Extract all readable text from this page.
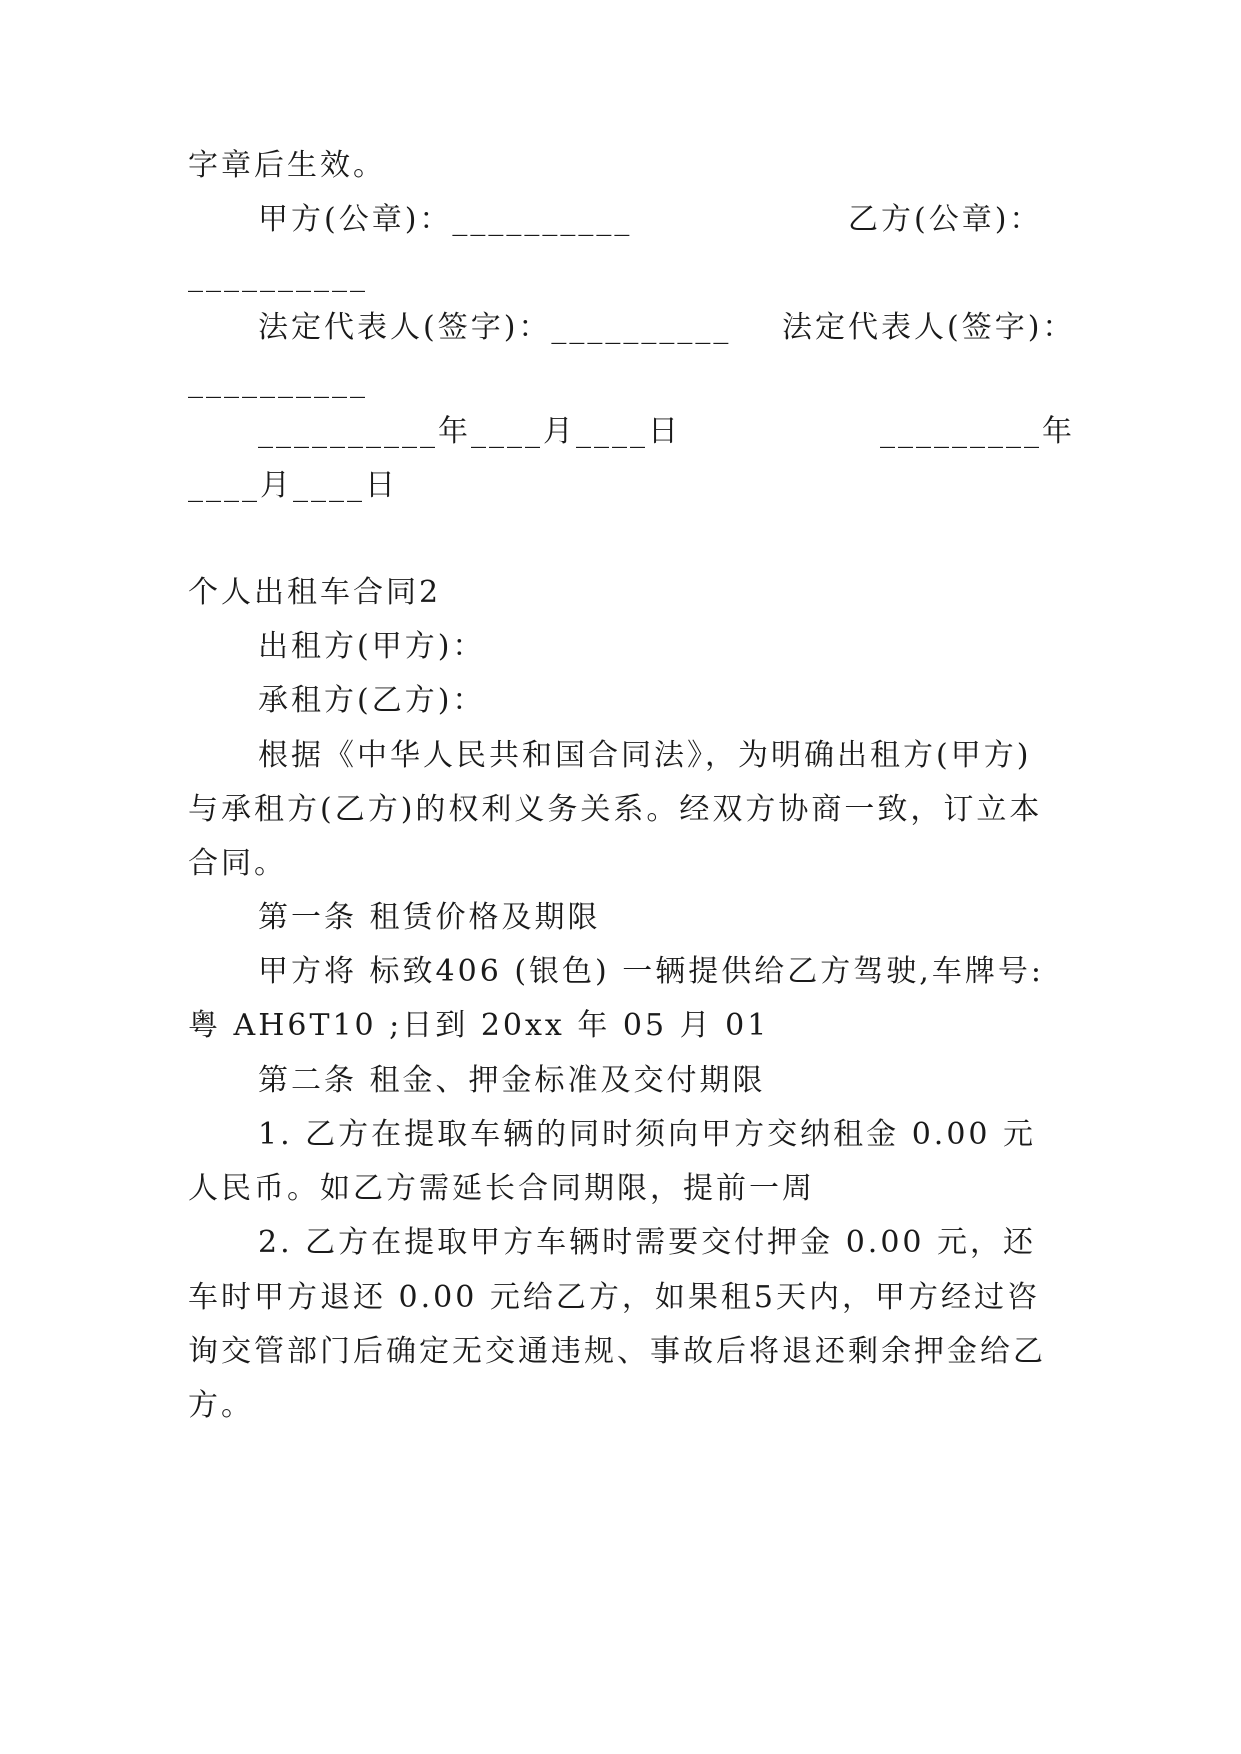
字章后生效。
甲方(公章)：__________	乙方(公章)：
__________
法定代表人(签字)：__________ 法定代表人(签字)：
__________
__________年____月____日	_________年
____月____日
个人出租车合同2
出租方(甲方)：
承租方(乙方)：
根据《中华人民共和国合同法》，为明确出租方(甲方)
与承租方(乙方)的权利义务关系。经双方协商一致，订立本
合同。
第一条 租赁价格及期限
甲方将 标致406 (银色) 一辆提供给乙方驾驶,车牌号:
粤 AH6T10 ;日到 20xx 年 05 月 01
第二条 租金、押金标准及交付期限
1. 乙方在提取车辆的同时须向甲方交纳租金 0.00 元
人民币。如乙方需延长合同期限，提前一周
2. 乙方在提取甲方车辆时需要交付押金 0.00 元，还
车时甲方退还 0.00 元给乙方，如果租5天内，甲方经过咨
询交管部门后确定无交通违规、事故后将退还剩余押金给乙
方。
